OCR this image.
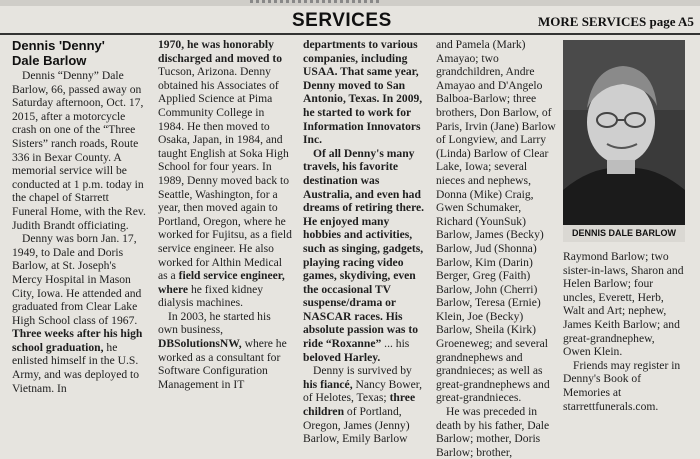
SERVICES	MORE SERVICES page A5
Dennis 'Denny'
Dale Barlow

Dennis “Denny” Dale Barlow, 66, passed away on Saturday afternoon, Oct. 17, 2015, after a motorcycle crash on one of the “Three Sisters” ranch roads, Route 336 in Bexar County. A memorial service will be conducted at 1 p.m. today in the chapel of Starrett Funeral Home, with the Rev. Judith Brandt officiating.

Denny was born Jan. 17, 1949, to Dale and Doris Barlow, at St. Joseph's Mercy Hospital in Mason City, Iowa. He attended and graduated from Clear Lake High School class of 1967. Three weeks after his high school graduation, he enlisted himself in the U.S. Army, and was deployed to Vietnam. In

1970, he was honorably discharged and moved to Tucson, Arizona. Denny obtained his Associates of Applied Science at Pima Community College in 1984. He then moved to Osaka, Japan, in 1984, and taught English at Soka High School for four years. In 1989, Denny moved back to Seattle, Washington, for a year, then moved again to Portland, Oregon, where he worked for Fujitsu, as a field service engineer. He also worked for Althin Medical as a field service engineer, where he fixed kidney dialysis machines.

In 2003, he started his own business, DBSolutionsNW, where he worked as a consultant for Software Configuration Management in IT

departments to various companies, including USAA. That same year, Denny moved to San Antonio, Texas. In 2009, he started to work for Information Innovators Inc.

Of all Denny's many travels, his favorite destination was Australia, and even had dreams of retiring there. He enjoyed many hobbies and activities, such as singing, gadgets, playing racing video games, skydiving, even the occasional TV suspense/drama or NASCAR races. His absolute passion was to ride “Roxanne” ... his beloved Harley.

Denny is survived by his fiancé, Nancy Bower, of Helotes, Texas; three children of Portland, Oregon, James (Jenny) Barlow, Emily Barlow

and Pamela (Mark) Amayao; two grandchildren, Andre Amayao and D'Angelo Balboa-Barlow; three brothers, Don Barlow, of Paris, Irvin (Jane) Barlow of Longview, and Larry (Linda) Barlow of Clear Lake, Iowa; several nieces and nephews, Donna (Mike) Craig, Gwen Schumaker, Richard (YounSuk) Barlow, James (Becky) Barlow, Jud (Shonna) Barlow, Kim (Darin) Berger, Greg (Faith) Barlow, John (Cherri) Barlow, Teresa (Ernie) Klein, Joe (Becky) Barlow, Sheila (Kirk) Groeneweg; and several grandnephews and grandnieces; as well as great-grandnephews and great-grandnieces.

He was preceded in death by his father, Dale Barlow; mother, Doris Barlow; brother,

DENNIS DALE BARLOW

Raymond Barlow; two sister-in-laws, Sharon and Helen Barlow; four uncles, Everett, Herb, Walt and Art; nephew, James Keith Barlow; and great-grandnephew, Owen Klein.

Friends may register in Denny's Book of Memories at starrettfunerals.com.
